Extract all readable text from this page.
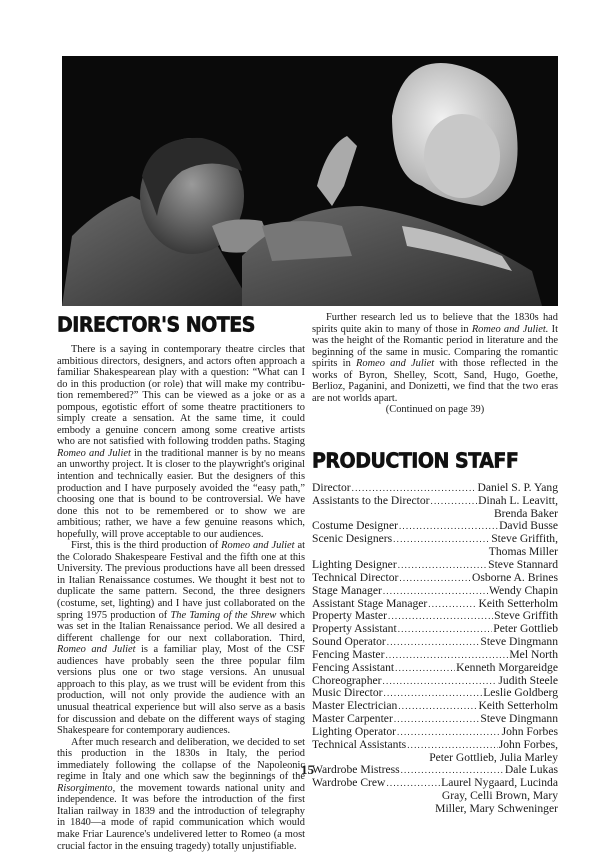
DIRECTOR'S NOTES

There is a saying in contemporary theatre circles that ambitious directors, designers, and actors often approach a familiar Shakespearean play with a question: “What can I do in this production (or role) that will make my contribution remembered?” This can be viewed as a joke or as a pompous, egotistic effort of some theatre practitioners to simply create a sensation. At the same time, it could embody a genuine concern among some creative artists who are not satisfied with following trodden paths. Staging Romeo and Juliet in the traditional manner is by no means an unworthy project. It is closer to the playwright's original intention and technically easier. But the designers of this production and I have purposely avoided the “easy path,” choosing one that is bound to be controversial. We have done this not to be remembered or to show we are ambitious; rather, we have a few genuine reasons which, hopefully, will prove acceptable to our audiences.

First, this is the third production of Romeo and Juliet at the Colorado Shakespeare Festival and the fifth one at this University. The previous productions have all been dressed in Italian Renaissance costumes. We thought it best not to duplicate the same pattern. Second, the three designers (costume, set, lighting) and I have just collaborated on the spring 1975 production of The Taming of the Shrew which was set in the Italian Renaissance period. We all desired a different challenge for our next collaboration. Third, Romeo and Juliet is a familiar play, Most of the CSF audiences have probably seen the three popular film versions plus one or two stage versions. An unusual approach to this play, as we trust will be evident from this production, will not only provide the audience with an unusual theatrical experience but will also serve as a basis for discussion and debate on the different ways of staging Shakespeare for contemporary audiences.

After much research and deliberation, we decided to set this production in the 1830s in Italy, the period immediately following the collapse of the Napoleonic regime in Italy and one which saw the beginnings of the Risorgimento, the movement towards national unity and independence. It was before the introduction of the first Italian railway in 1839 and the introduction of telegraphy in 1840—a mode of rapid communication which would make Friar Laurence's undelivered letter to Romeo (a most crucial factor in the ensuing tragedy) totally unjustifiable.

Further research led us to believe that the 1830s had spirits quite akin to many of those in Romeo and Juliet. It was the height of the Romantic period in literature and the beginning of the same in music. Comparing the romantic spirits in Romeo and Juliet with those reflected in the works of Byron, Shelley, Scott, Sand, Hugo, Goethe, Berlioz, Paganini, and Donizetti, we find that the two eras are not worlds apart.

(Continued on page 39)

PRODUCTION STAFF
Director .....	Daniel S. P. Yang
Assistants to the Director .....	Dinah L. Leavitt,
Brenda Baker
Costume Designer .....	David Busse
Scenic Designers .....	Steve Griffith,
Thomas Miller
Lighting Designer .....	Steve Stannard
Technical Director .....	Osborne A. Brines
Stage Manager .....	Wendy Chapin
Assistant Stage Manager .....	Keith Setterholm
Property Master .....	Steve Griffith
Property Assistant .....	Peter Gottlieb
Sound Operator .....	Steve Dingmann
Fencing Master .....	Mel North
Fencing Assistant .....	Kenneth Morgareidge
Choreographer .....	Judith Steele
Music Director .....	Leslie Goldberg
Master Electrician .....	Keith Setterholm
Master Carpenter .....	Steve Dingmann
Lighting Operator .....	John Forbes
Technical Assistants .....	John Forbes,
Peter Gottlieb, Julia Marley
Wardrobe Mistress .....	Dale Lukas
Wardrobe Crew .....	Laurel Nygaard, Lucinda
Gray, Celli Brown, Mary
Miller, Mary Schweninger
15
